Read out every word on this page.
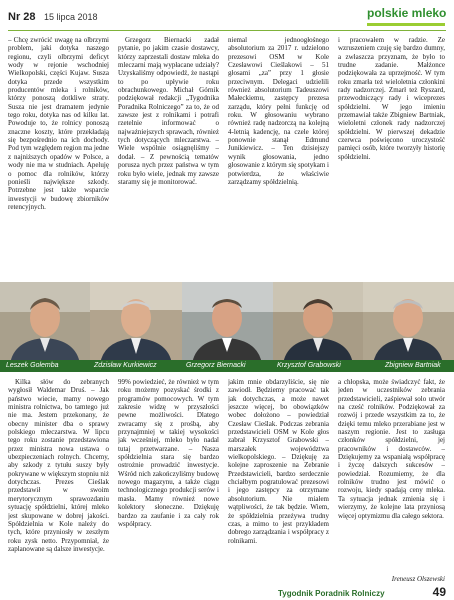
Nr 28 15 lipca 2018	polskie mleko

– Chcę zwrócić uwagę na olbrzymi problem, jaki dotyka naszego regionu, czyli olbrzymi deficyt wody w rejonie wschodniej Wielkopolski, części Kujaw. Susza dotyka przede wszystkim producentów mleka i rolników, którzy ponoszą dotkliwe straty. Susza nie jest dramatem jedynie tego roku, dotyka nas od kilku lat. Powoduje to, że rolnicy ponoszą znaczne koszty, które przekładają się bezpośrednio na ich dochody. Pod tym względem region ma jedne z najniższych opadów w Polsce, a wody nie ma w studniach. Apeluję o pomoc dla rolników, którzy ponieśli największe szkody. Potrzebne jest także wsparcie inwestycji w budowę zbiorników retencyjnych.

Grzegorz Biernacki zadał pytanie, po jakim czasie dostawcy, którzy zaprzestali dostaw mleka do mleczarni mają wypłacane udziały? Uzyskaliśmy odpowiedź, że nastąpi to po upływie roku obrachunkowego. Michał Górnik podziękował redakcji „Tygodnika Poradnika Rolniczego” za to, że od zawsze jest z rolnikami i potrafi rzetelnie informować o najważniejszych sprawach, również tych dotyczących mleczarstwa. – Wiele wspólnie osiągnęliśmy – dodał. – Z pewnością tematów porusza nych przez państwa w tym roku było wiele, jednak my zawsze staramy się je monitorować.

niemal jednoogłośnego absolutorium za 2017 r. udzielono prezesowi OSM w Kole Czesławowi Cieślakowi – 51 głosami „za” przy 1 głosie przeciwnym. Delegaci udzielili również absolutorium Tadeuszowi Małeckiemu, zastępcy prezesa zarządu, który pełni funkcję od roku. W głosowaniu wybrano również radę nadzorczą na kolejną 4-letnią kadencję, na czele której ponownie stanął Edmund Junikiewicz. – Ten dzisiejszy wynik głosowania, jedno głosowanie z którym się spotykam i potwierdza, że właściwie zarządzamy spółdzielnią.

i pracowałem w radzie. Ze wzruszeniem czuję się bardzo dumny, a zwłaszcza przyznam, że było to trudne zadanie. Małżonce podziękowała za uprzejmość. W tym roku zmarła też wieloletnia członkini rady nadzorczej. Zmarł też Ryszard, przewodniczący rady i wiceprezes spółdzielni. W jego imieniu przemawiał także Zbigniew Bartniak, wieloletni członek rady nadzorczej spółdzielni. W pierwszej dekadzie czerwca poświęcono uroczystość pamięci osób, które tworzyły historię spółdzielni.

Leszek Golemba	Zdzisław Kurkiewicz	Grzegorz Biernacki	Krzysztof Grabowski	Zbigniew Bartniak

Kilka słów do zebranych wygłosił Waldemar Druś. – Jak państwo wiecie, mamy nowego ministra rolnictwa, bo tamtego już nie ma. Jestem przekonany, że obecny minister dba o sprawy polskiego mleczarstwa. W lipcu tego roku zostanie przedstawiona przez ministra nowa ustawa o ubezpieczeniach rolnych. Chcemy, aby szkody z tytułu suszy były pokrywane w większym stopniu niż dotychczas. Prezes Cieślak przedstawił w swoim merytorycznym sprawozdaniu sytuację spółdzielni, której mleko jest skupowane w dobrej jakości. Spółdzielnia w Kole należy do tych, które przyniosły w zeszłym roku zysk netto. Przypomniał, że zaplanowane są dalsze inwestycje.

99% powiedzieć, że również w tym roku możemy pozyskać środki z programów pomocowych. W tym zakresie widzę w przyszłości pewne możliwości. Dlatego zwracamy się z prośbą, aby przynajmniej w takiej wysokości jak wcześniej, mleko było nadal tutaj przetwarzane. – Nasza spółdzielnia stara się bardzo ostrożnie prowadzić inwestycje. Wśród nich zakończyliśmy budowę nowego magazynu, a także ciągu technologicznego produkcji serów i masła. Mamy również nowe kolektory słoneczne. Dziękuję bardzo za zaufanie i za cały rok współpracy.

jakim mnie obdarzyliście, się nie zawiodł. Będziemy pracować tak jak dotychczas, a może nawet jeszcze więcej, bo obowiązków wobec dołożono – powiedział Czesław Cieślak. Podczas zebrania przedstawicieli OSM w Kole głos zabrał Krzysztof Grabowski – marszałek województwa wielkopolskiego. – Dziękuję za kolejne zaproszenie na Zebranie Przedstawicieli, bardzo serdecznie chciałbym pogratulować prezesowi i jego zastępcy za otrzymane absolutorium. Nie miałem wątpliwości, że tak będzie. Wiem, że spółdzielnia przeżywa trudny czas, a mimo to jest przykładem dobrego zarządzania i współpracy z rolnikami.

a chłopska, może świadczyć fakt, że jeden w uczestników zebrania przedstawicieli, zaśpiewał solo utwór na cześć rolników. Podziękował za rozwój i przede wszystkim za to, że dzięki temu mleko przerabiane jest w naszym regionie. Jest to zasługa członków spółdzielni, jej pracowników i dostawców. – Dziękujemy za wspaniałą współpracę i życzę dalszych sukcesów – powiedział. Rozumiemy, że dla rolników trudno jest mówić o rozwoju, kiedy spadają ceny mleka. Ta sytuacja jednak zmienia się i wierzymy, że kolejne lata przyniosą więcej optymizmu dla całego sektora.

Ireneusz Olszewski
Tygodnik Poradnik Rolniczy	49
